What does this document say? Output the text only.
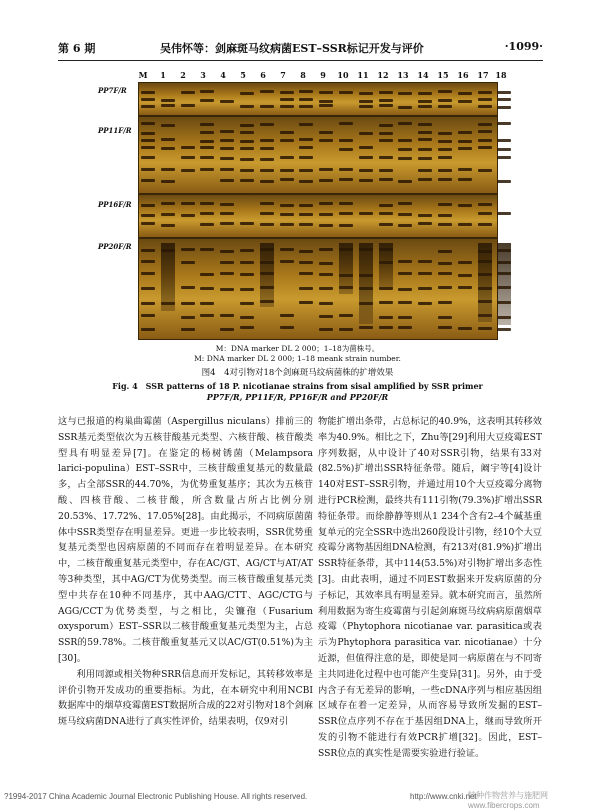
第 6 期	吴伟怀等：剑麻斑马纹病菌EST–SSR标记开发与评价	·1099·
M	1	2	3	4	5	6	7	8	9	10 11 12 13 14 15 16 17 18
PP7F/R
PP11F/R
PP16F/R
PP20F/R
M：DNA marker DL 2 000；1–18为菌株号。
M: DNA marker DL 2 000; 1–18 meank strain number.
图4　4对引物对18个剑麻斑马纹病菌株的扩增效果
Fig. 4　SSR patterns of 18 P. nicotianae strains from sisal amplified by SSR primer
PP7F/R, PP11F/R, PP16F/R and PP20F/R

这与已报道的构巢曲霉菌（Aspergillus niculans）排前三的SSR基元类型依次为五核苷酸基元类型、六核苷酸、核苷酸类型具有明显差异[7]。在鉴定的杨树锈菌（Melampsora larici-populina）EST–SSR中，三核苷酸重复基元的数量最多，占全部SSR的44.70%，为优势重复基序；其次为五核苷酸、四核苷酸、二核苷酸，所含数量占所占比例分别20.53%、17.72%、17.05%[28]。由此揭示，不同病原菌菌体中SSR类型存在明显差异。更进一步比较表明，SSR优势重复基元类型也因病原菌的不同而存在着明显差异。在本研究中，二核苷酸重复基元类型中，存在AC/GT、AG/CT与AT/AT等3种类型，其中AG/CT为优势类型。而三核苷酸重复基元类型中共存在10种不同基序，其中AAG/CTT、AGC/CTG与AGG/CCT为优势类型，与之相比，尖镰孢（Fusarium oxysporum）EST–SSR以二核苷酸重复基元类型为主，占总SSR的59.78%。二核苷酸重复基元又以AC/GT(0.51%)为主[30]。

利用同源或相关物种SRR信息而开发标记，其转移效率是评价引物开发成功的重要指标。为此，在本研究中利用NCBI数据库中的烟草疫霉菌EST数据所合成的22对引物对18个剑麻斑马纹病菌DNA进行了真实性评价，结果表明，仅9对引

物能扩增出条带，占总标记的40.9%，这表明其转移效率为40.9%。相比之下，Zhu等[29]利用大豆疫霉EST序列数据，从中设计了40对SSR引物，结果有33对(82.5%)扩增出SSR特征条带。随后，阚宇等[4]设计140对EST–SSR引物，并通过用10个大豆疫霉分离物进行PCR检测，最终共有111引物(79.3%)扩增出SSR特征条带。而徐静静等则从1 234个含有2–4个碱基重复单元的完全SSR中选出260段设计引物，经10个大豆疫霉分离物基因组DNA检测，有213对(81.9%)扩增出SSR特征条带，其中114(53.5%)对引物扩增出多态性[3]。由此表明，通过不同EST数据来开发病原菌的分子标记，其效率具有明显差异。就本研究而言，虽然所利用数据为寄生疫霉菌与引起剑麻斑马纹病病原菌烟草疫霉（Phytophora nicotianae var. parasitica或表示为Phytophora parasitica var. nicotianae）十分近源，但值得注意的是，即使是同一病原菌在与不同寄主共同进化过程中也可能产生变异[31]。另外，由于受内含子有无差异的影响，一些cDNA序列与相应基因组区域存在着一定差异，从而容易导致所发掘的EST–SSR位点序列不存在于基因组DNA上，继而导致所开发的引物不能进行有效PCR扩增[32]。因此，EST–SSR位点的真实性是需要实验进行验证。

?1994-2017 China Academic Journal Electronic Publishing House. All rights reserved.	http://www.cnki.net
特种作物营养与施肥网 www.fibercrops.com
